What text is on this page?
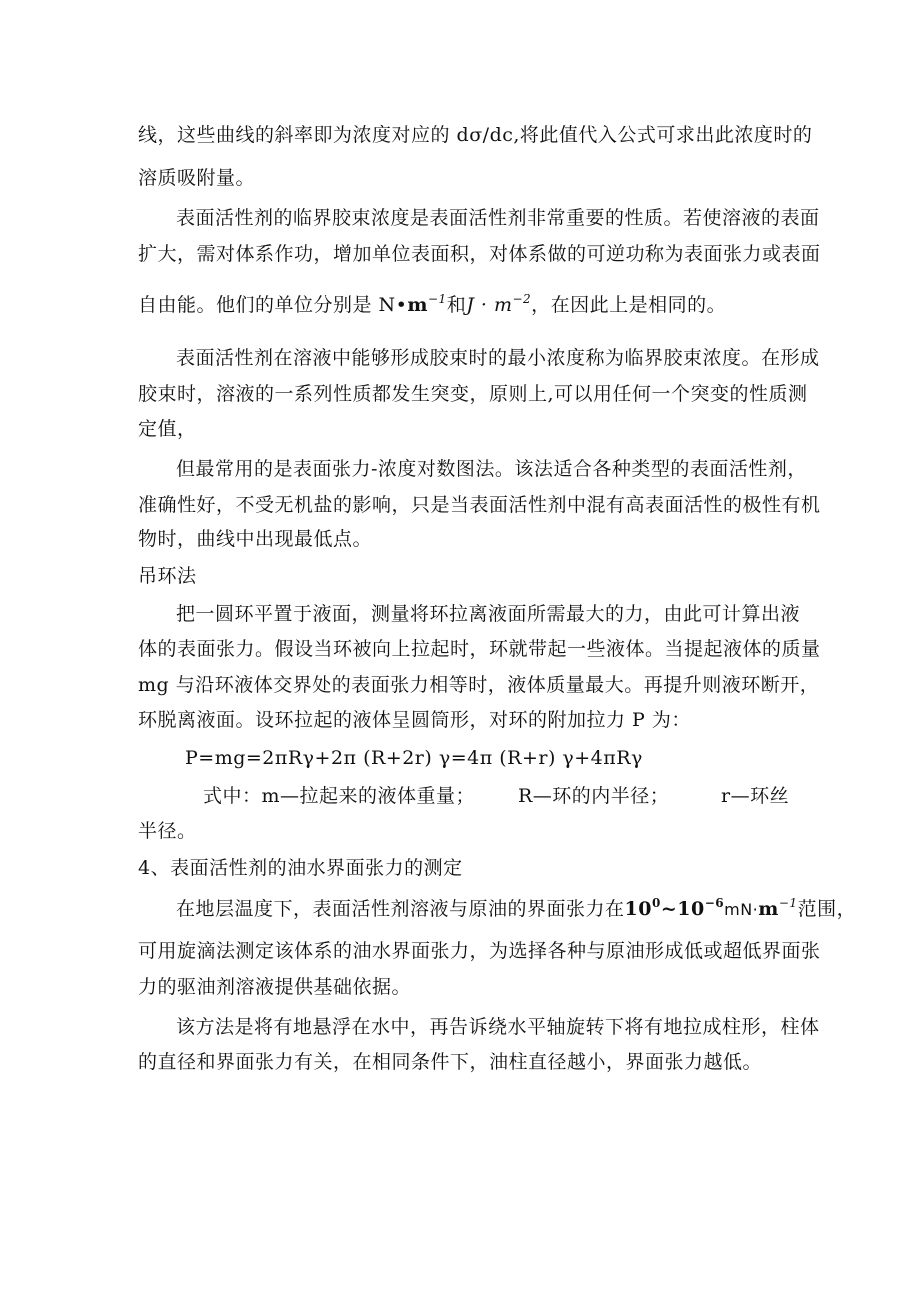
线，这些曲线的斜率即为浓度对应的 dσ/dc,将此值代入公式可求出此浓度时的
溶质吸附量。
表面活性剂的临界胶束浓度是表面活性剂非常重要的性质。若使溶液的表面
扩大，需对体系作功，增加单位表面积，对体系做的可逆功称为表面张力或表面
自由能。他们的单位分别是 $N•m^{-1}$和$J \cdot m^{-2}$，在因此上是相同的。
表面活性剂在溶液中能够形成胶束时的最小浓度称为临界胶束浓度。在形成
胶束时，溶液的一系列性质都发生突变，原则上,可以用任何一个突变的性质测
定值，
但最常用的是表面张力-浓度对数图法。该法适合各种类型的表面活性剂，
准确性好，不受无机盐的影响，只是当表面活性剂中混有高表面活性的极性有机
物时，曲线中出现最低点。
吊环法
把一圆环平置于液面，测量将环拉离液面所需最大的力，由此可计算出液
体的表面张力。假设当环被向上拉起时，环就带起一些液体。当提起液体的质量
mg 与沿环液体交界处的表面张力相等时，液体质量最大。再提升则液环断开，
环脱离液面。设环拉起的液体呈圆筒形，对环的附加拉力 P 为：
P=mg=2πRγ+2π (R+2r) γ=4π (R+r) γ+4πRγ
式中：m—拉起来的液体重量； R—环的内半径；	r—环丝
半径。
4、表面活性剂的油水界面张力的测定
在地层温度下，表面活性剂溶液与原油的界面张力在$10^0\sim 10^{-6}mN\cdot m^{-1}$范围，
可用旋滴法测定该体系的油水界面张力，为选择各种与原油形成低或超低界面张
力的驱油剂溶液提供基础依据。
该方法是将有地悬浮在水中，再告诉绕水平轴旋转下将有地拉成柱形，柱体
的直径和界面张力有关，在相同条件下，油柱直径越小，界面张力越低。
